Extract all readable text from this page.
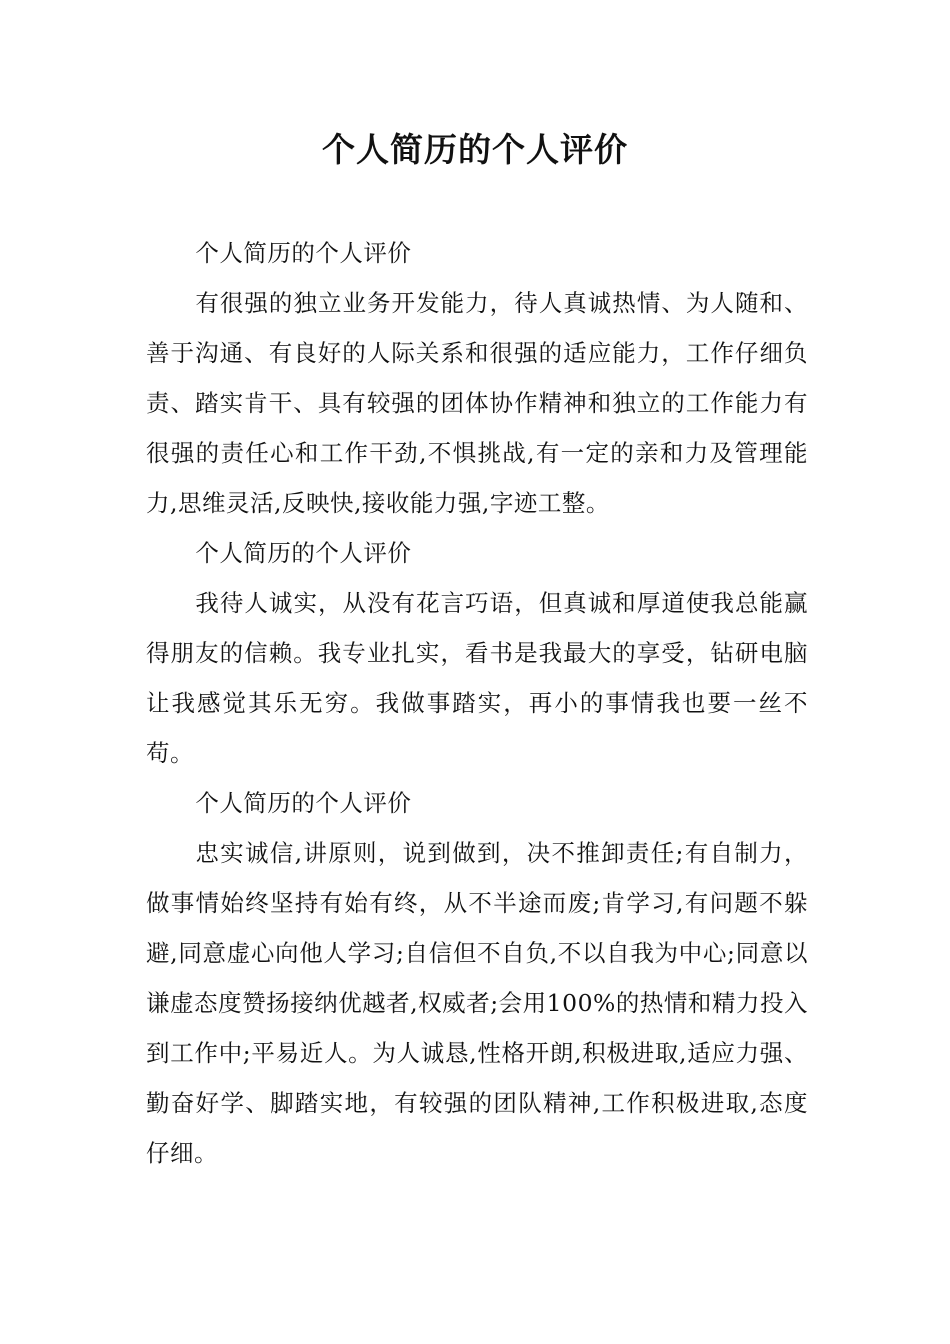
个人简历的个人评价

个人简历的个人评价

有很强的独立业务开发能力，待人真诚热情、为人随和、善于沟通、有良好的人际关系和很强的适应能力，工作仔细负责、踏实肯干、具有较强的团体协作精神和独立的工作能力有很强的责任心和工作干劲,不惧挑战,有一定的亲和力及管理能力,思维灵活,反映快,接收能力强,字迹工整。

个人简历的个人评价

我待人诚实，从没有花言巧语，但真诚和厚道使我总能赢得朋友的信赖。我专业扎实，看书是我最大的享受，钻研电脑让我感觉其乐无穷。我做事踏实，再小的事情我也要一丝不苟。

个人简历的个人评价

忠实诚信,讲原则，说到做到，决不推卸责任;有自制力，做事情始终坚持有始有终，从不半途而废;肯学习,有问题不躲避,同意虚心向他人学习;自信但不自负,不以自我为中心;同意以谦虚态度赞扬接纳优越者,权威者;会用100%的热情和精力投入到工作中;平易近人。为人诚恳,性格开朗,积极进取,适应力强、勤奋好学、脚踏实地，有较强的团队精神,工作积极进取,态度仔细。
